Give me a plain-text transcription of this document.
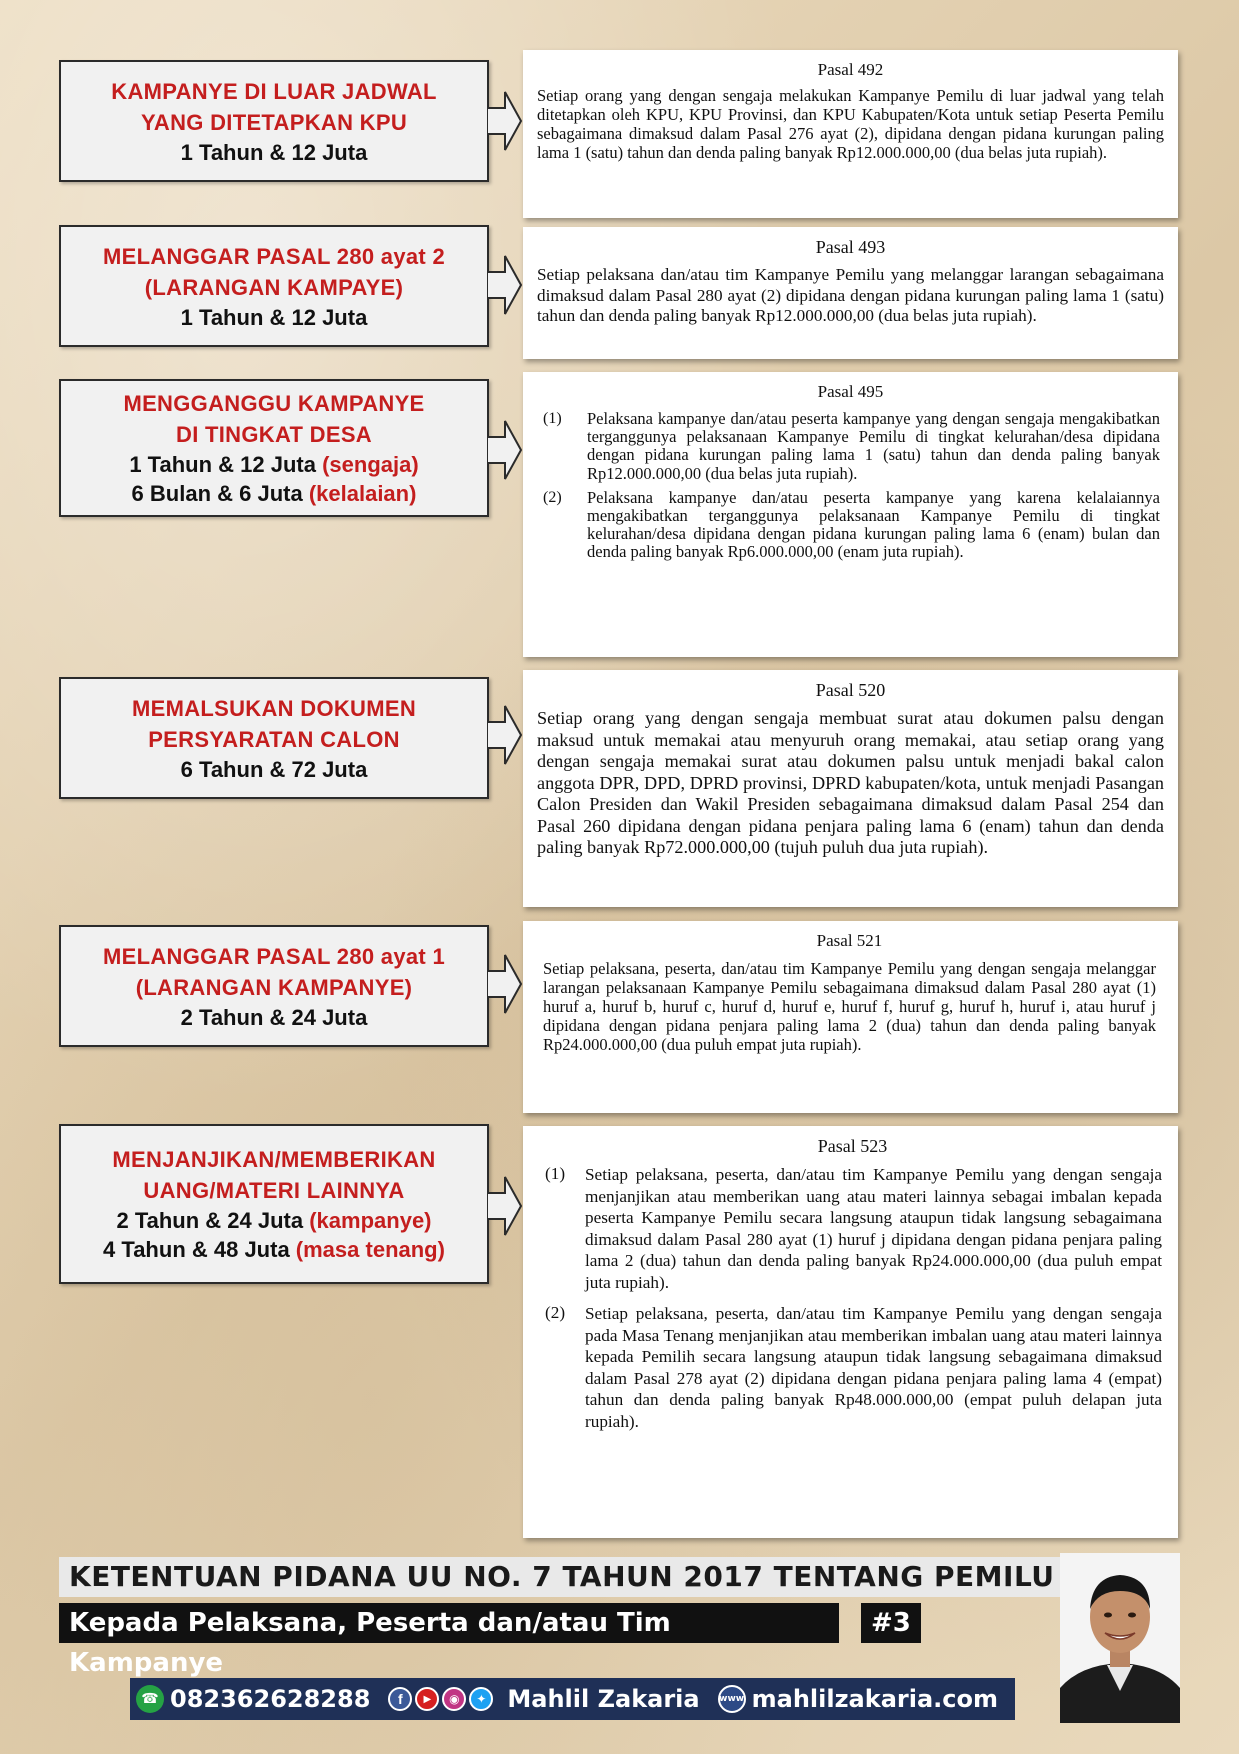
KAMPANYE DI LUAR JADWAL
YANG DITETAPKAN KPU
1 Tahun & 12 Juta
Pasal 492
Setiap orang yang dengan sengaja melakukan Kampanye Pemilu di luar jadwal yang telah ditetapkan oleh KPU, KPU Provinsi, dan KPU Kabupaten/Kota untuk setiap Peserta Pemilu sebagaimana dimaksud dalam Pasal 276 ayat (2), dipidana dengan pidana kurungan paling lama 1 (satu) tahun dan denda paling banyak Rp12.000.000,00 (dua belas juta rupiah).
MELANGGAR PASAL 280 ayat 2
(LARANGAN KAMPAYE)
1 Tahun & 12 Juta
Pasal 493
Setiap pelaksana dan/atau tim Kampanye Pemilu yang melanggar larangan sebagaimana dimaksud dalam Pasal 280 ayat (2) dipidana dengan pidana kurungan paling lama 1 (satu) tahun dan denda paling banyak Rp12.000.000,00 (dua belas juta rupiah).
MENGGANGGU KAMPANYE
DI TINGKAT DESA
1 Tahun & 12 Juta (sengaja)
6 Bulan & 6 Juta (kelalaian)
Pasal 495
(1)	Pelaksana kampanye dan/atau peserta kampanye yang dengan sengaja mengakibatkan terganggunya pelaksanaan Kampanye Pemilu di tingkat kelurahan/desa dipidana dengan pidana kurungan paling lama 1 (satu) tahun dan denda paling banyak Rp12.000.000,00 (dua belas juta rupiah).
(2)	Pelaksana kampanye dan/atau peserta kampanye yang karena kelalaiannya mengakibatkan terganggunya pelaksanaan Kampanye Pemilu di tingkat kelurahan/desa dipidana dengan pidana kurungan paling lama 6 (enam) bulan dan denda paling banyak Rp6.000.000,00 (enam juta rupiah).
MEMALSUKAN DOKUMEN
PERSYARATAN CALON
6 Tahun & 72 Juta
Pasal 520
Setiap orang yang dengan sengaja membuat surat atau dokumen palsu dengan maksud untuk memakai atau menyuruh orang memakai, atau setiap orang yang dengan sengaja memakai surat atau dokumen palsu untuk menjadi bakal calon anggota DPR, DPD, DPRD provinsi, DPRD kabupaten/kota, untuk menjadi Pasangan Calon Presiden dan Wakil Presiden sebagaimana dimaksud dalam Pasal 254 dan Pasal 260 dipidana dengan pidana penjara paling lama 6 (enam) tahun dan denda paling banyak Rp72.000.000,00 (tujuh puluh dua juta rupiah).
MELANGGAR PASAL 280 ayat 1
(LARANGAN KAMPANYE)
2 Tahun & 24 Juta
Pasal 521
Setiap pelaksana, peserta, dan/atau tim Kampanye Pemilu yang dengan sengaja melanggar larangan pelaksanaan Kampanye Pemilu sebagaimana dimaksud dalam Pasal 280 ayat (1) huruf a, huruf b, huruf c, huruf d, huruf e, huruf f, huruf g, huruf h, huruf i, atau huruf j dipidana dengan pidana penjara paling lama 2 (dua) tahun dan denda paling banyak Rp24.000.000,00 (dua puluh empat juta rupiah).
MENJANJIKAN/MEMBERIKAN
UANG/MATERI LAINNYA
2 Tahun & 24 Juta (kampanye)
4 Tahun & 48 Juta (masa tenang)
Pasal 523
(1)	Setiap pelaksana, peserta, dan/atau tim Kampanye Pemilu yang dengan sengaja menjanjikan atau memberikan uang atau materi lainnya sebagai imbalan kepada peserta Kampanye Pemilu secara langsung ataupun tidak langsung sebagaimana dimaksud dalam Pasal 280 ayat (1) huruf j dipidana dengan pidana penjara paling lama 2 (dua) tahun dan denda paling banyak Rp24.000.000,00 (dua puluh empat juta rupiah).
(2)	Setiap pelaksana, peserta, dan/atau tim Kampanye Pemilu yang dengan sengaja pada Masa Tenang menjanjikan atau memberikan imbalan uang atau materi lainnya kepada Pemilih secara langsung ataupun tidak langsung sebagaimana dimaksud dalam Pasal 278 ayat (2) dipidana dengan pidana penjara paling lama 4 (empat) tahun dan denda paling banyak Rp48.000.000,00 (empat puluh delapan juta rupiah).
KETENTUAN PIDANA UU NO. 7 TAHUN 2017 TENTANG PEMILU
Kepada Pelaksana, Peserta dan/atau Tim Kampanye
#3
☎ 082362628288	f	▶	◉	✦ Mahlil Zakaria www mahlilzakaria.com
